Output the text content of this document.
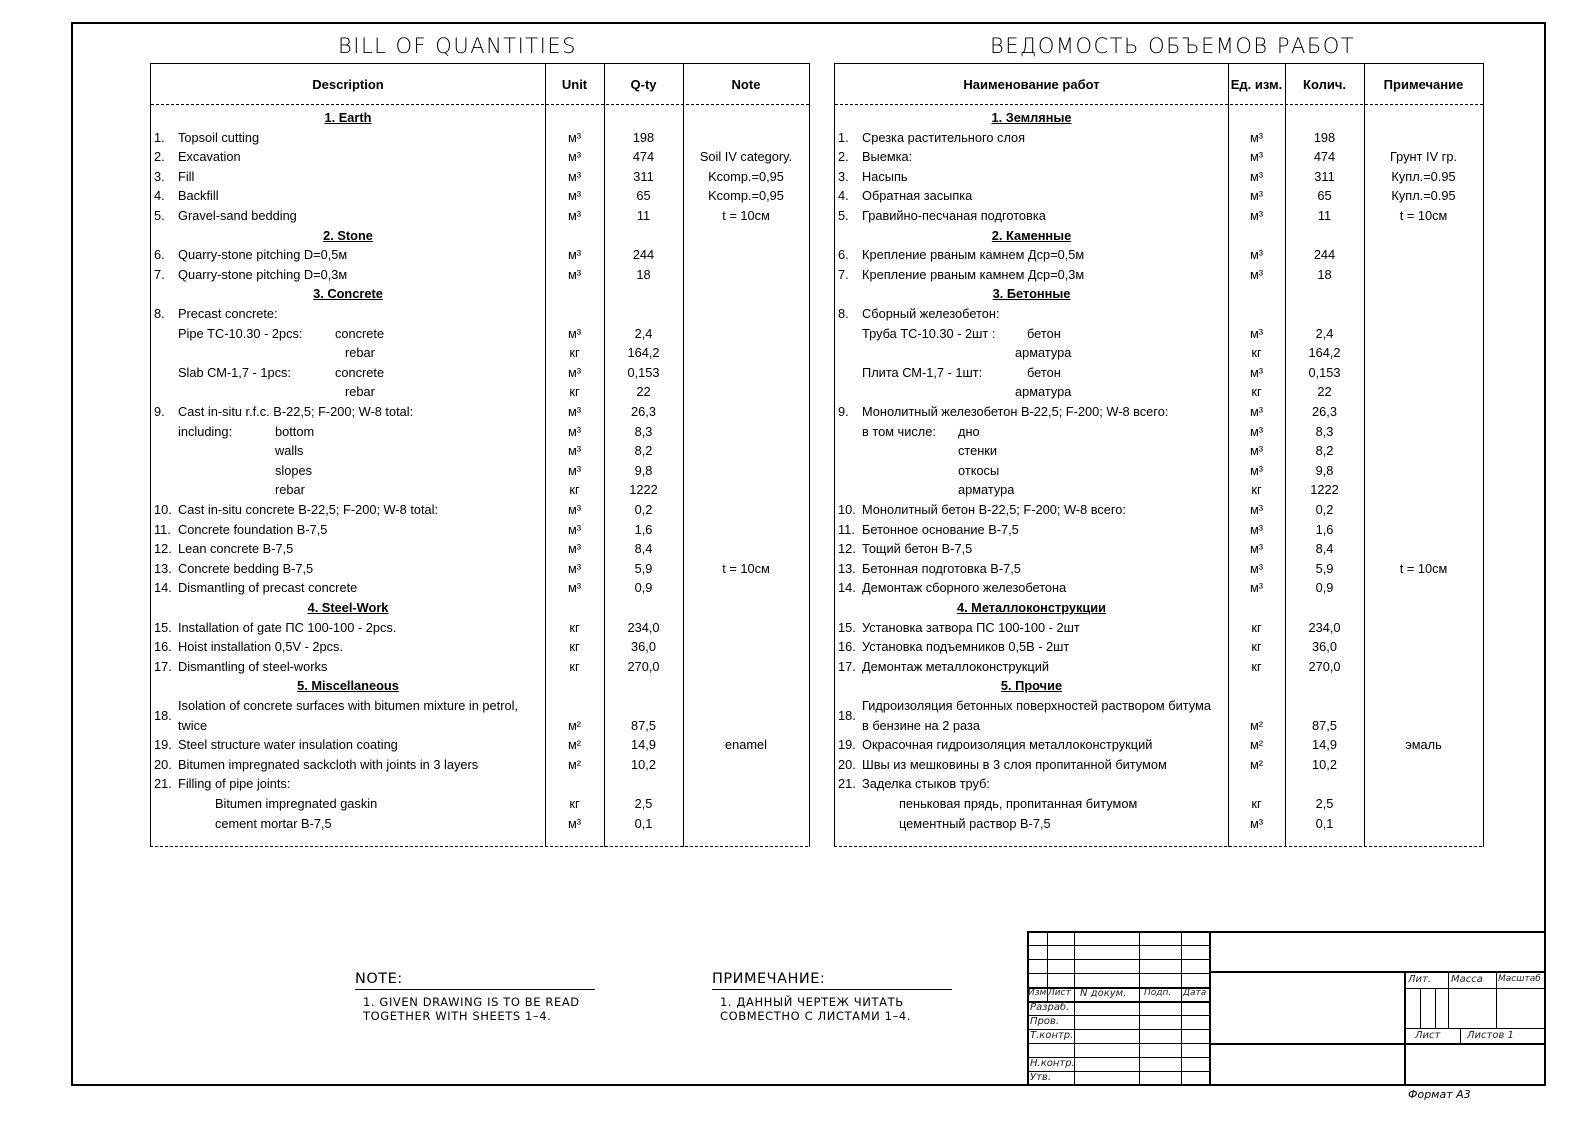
BILL OF QUANTITIES	ВЕДОМОСТЬ ОБЪЕМОВ РАБОТ
Description	Unit	Q-ty	Note
1. Earth
1. Topsoil cutting	м³	198
2. Excavation	м³	474	Soil IV category.
3. Fill	м³	311	Kcomp.=0,95
4. Backfill	м³	65	Kcomp.=0,95
5. Gravel-sand bedding	м³	11	t = 10см
2. Stone
6. Quarry-stone pitching D=0,5м	м³	244
7. Quarry-stone pitching D=0,3м	м³	18
3. Concrete
8. Precast concrete:
Pipe ТС-10.30 - 2pcs:	concrete	м³	2,4
rebar	кг	164,2
Slab СМ-1,7 - 1pcs:	concrete	м³	0,153
rebar	кг	22
9. Cast in-situ r.f.c. B-22,5; F-200; W-8 total:	м³	26,3
including:	bottom	м³	8,3
walls	м³	8,2
slopes	м³	9,8
rebar	кг	1222
10. Cast in-situ concrete B-22,5; F-200; W-8 total:	м³	0,2
11. Concrete foundation B-7,5	м³	1,6
12. Lean concrete B-7,5	м³	8,4
13. Concrete bedding B-7,5	м³	5,9	t = 10см
14. Dismantling of precast concrete	м³	0,9
4. Steel-Work
15. Installation of gate ПС 100-100 - 2pcs.	кг	234,0
16. Hoist installation 0,5V - 2pcs.	кг	36,0
17. Dismantling of steel-works	кг	270,0
5. Miscellaneous
18.
Isolation of concrete surfaces with bitumen mixture in petrol,
twice	м²	87,5
19. Steel structure water insulation coating	м²	14,9	enamel
20. Bitumen impregnated sackcloth with joints in 3 layers	м²	10,2
21. Filling of pipe joints:
Bitumen impregnated gaskin	кг	2,5
cement mortar B-7,5	м³	0,1
Наименование работ	Ед. изм.	Колич.	Примечание
1. Земляные
1. Срезка растительного слоя	м³	198
2. Выемка:	м³	474	Грунт IV гр.
3. Насыпь	м³	311	Купл.=0.95
4. Обратная засыпка	м³	65	Купл.=0.95
5. Гравийно-песчаная подготовка	м³	11	t = 10см
2. Каменные
6. Крепление рваным камнем Дср=0,5м	м³	244
7. Крепление рваным камнем Дср=0,3м	м³	18
3. Бетонные
8. Сборный железобетон:
Труба ТС-10.30 - 2шт : бетон	м³	2,4
арматура	кг	164,2
Плита СМ-1,7 - 1шт:	бетон	м³	0,153
арматура	кг	22
9. Монолитный железобетон B-22,5; F-200; W-8 всего:	м³	26,3
в том числе: дно	м³	8,3
стенки	м³	8,2
откосы	м³	9,8
арматура	кг	1222
10. Монолитный бетон B-22,5; F-200; W-8 всего:	м³	0,2
11. Бетонное основание B-7,5	м³	1,6
12. Тощий бетон B-7,5	м³	8,4
13. Бетонная подготовка B-7,5	м³	5,9	t = 10см
14. Демонтаж сборного железобетона	м³	0,9
4. Металлоконструкции
15. Установка затвора ПС 100-100 - 2шт	кг	234,0
16. Установка подъемников 0,5В - 2шт	кг	36,0
17. Демонтаж металлоконструкций	кг	270,0
5. Прочие
18.
Гидроизоляция бетонных поверхностей раствором битума
в бензине на 2 раза	м²	87,5
19. Окрасочная гидроизоляция металлоконструкций	м²	14,9	эмаль
20. Швы из мешковины в 3 слоя пропитанной битумом	м²	10,2
21. Заделка стыков труб:
пеньковая прядь, пропитанная битумом	кг	2,5
цементный раствор B-7,5	м³	0,1
NOTE:
1. GIVEN DRAWING IS TO BE READ
TOGETHER WITH SHEETS 1–4.
ПРИМЕЧАНИЕ:
1. ДАННЫЙ ЧЕРТЕЖ ЧИТАТЬ
СОВМЕСТНО С ЛИСТАМИ 1–4.
Изм.
Лист N докум. Подп. Дата
Разраб.
Пров.
Т.контр.
Н.контр.
Утв.
Лит. Масса Масштаб
Лист	Листов 1
Формат А3
